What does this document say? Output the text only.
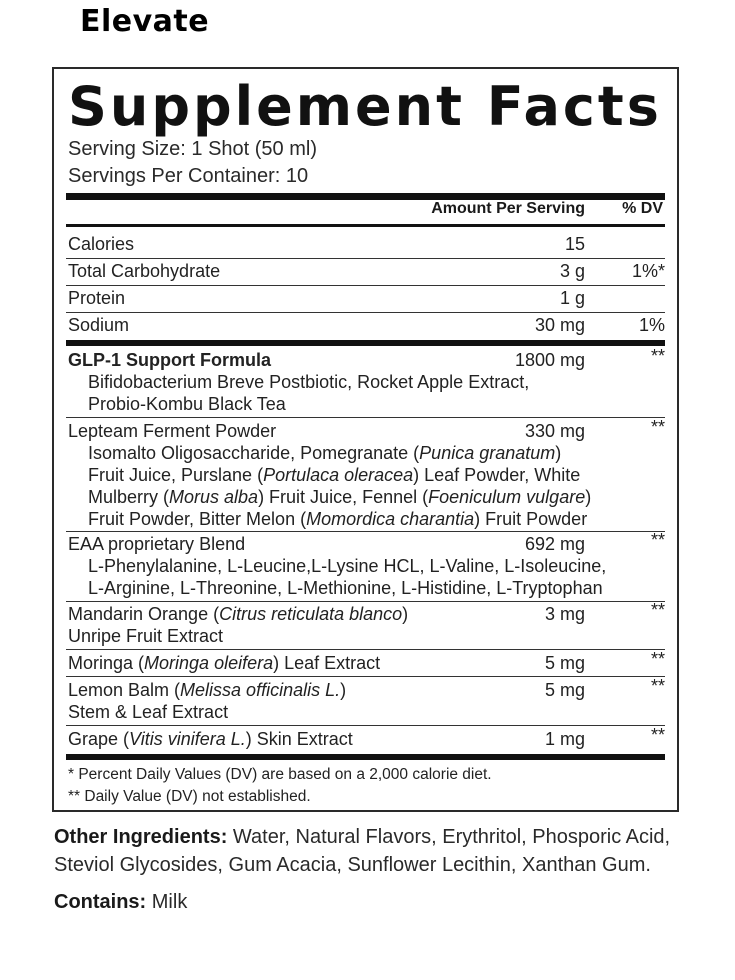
Elevate
Supplement Facts
Serving Size: 1 Shot (50 ml)
Servings Per Container: 10
Amount Per Serving % DV
Calories	15
Total Carbohydrate	3 g	1%*
Protein	1 g
Sodium	30 mg	1%
GLP-1 Support Formula	1800 mg	**
Bifidobacterium Breve Postbiotic, Rocket Apple Extract,
Probio-Kombu Black Tea
Lepteam Ferment Powder	330 mg	**
Isomalto Oligosaccharide, Pomegranate (Punica granatum)
Fruit Juice, Purslane (Portulaca oleracea) Leaf Powder, White
Mulberry (Morus alba) Fruit Juice, Fennel (Foeniculum vulgare)
Fruit Powder, Bitter Melon (Momordica charantia) Fruit Powder
EAA proprietary Blend	692 mg	**
L-Phenylalanine, L-Leucine,L-Lysine HCL, L-Valine, L-Isoleucine,
L-Arginine, L-Threonine, L-Methionine, L-Histidine, L-Tryptophan
Mandarin Orange (Citrus reticulata blanco)
Unripe Fruit Extract
3 mg	**
Moringa (Moringa oleifera) Leaf Extract	5 mg	**
Lemon Balm (Melissa officinalis L.)
Stem & Leaf Extract
5 mg	**
Grape (Vitis vinifera L.) Skin Extract	1 mg	**
* Percent Daily Values (DV) are based on a 2,000 calorie diet.
** Daily Value (DV) not established.
Other Ingredients: Water, Natural Flavors, Erythritol, Phosporic Acid,
Steviol Glycosides, Gum Acacia, Sunflower Lecithin, Xanthan Gum.
Contains: Milk
